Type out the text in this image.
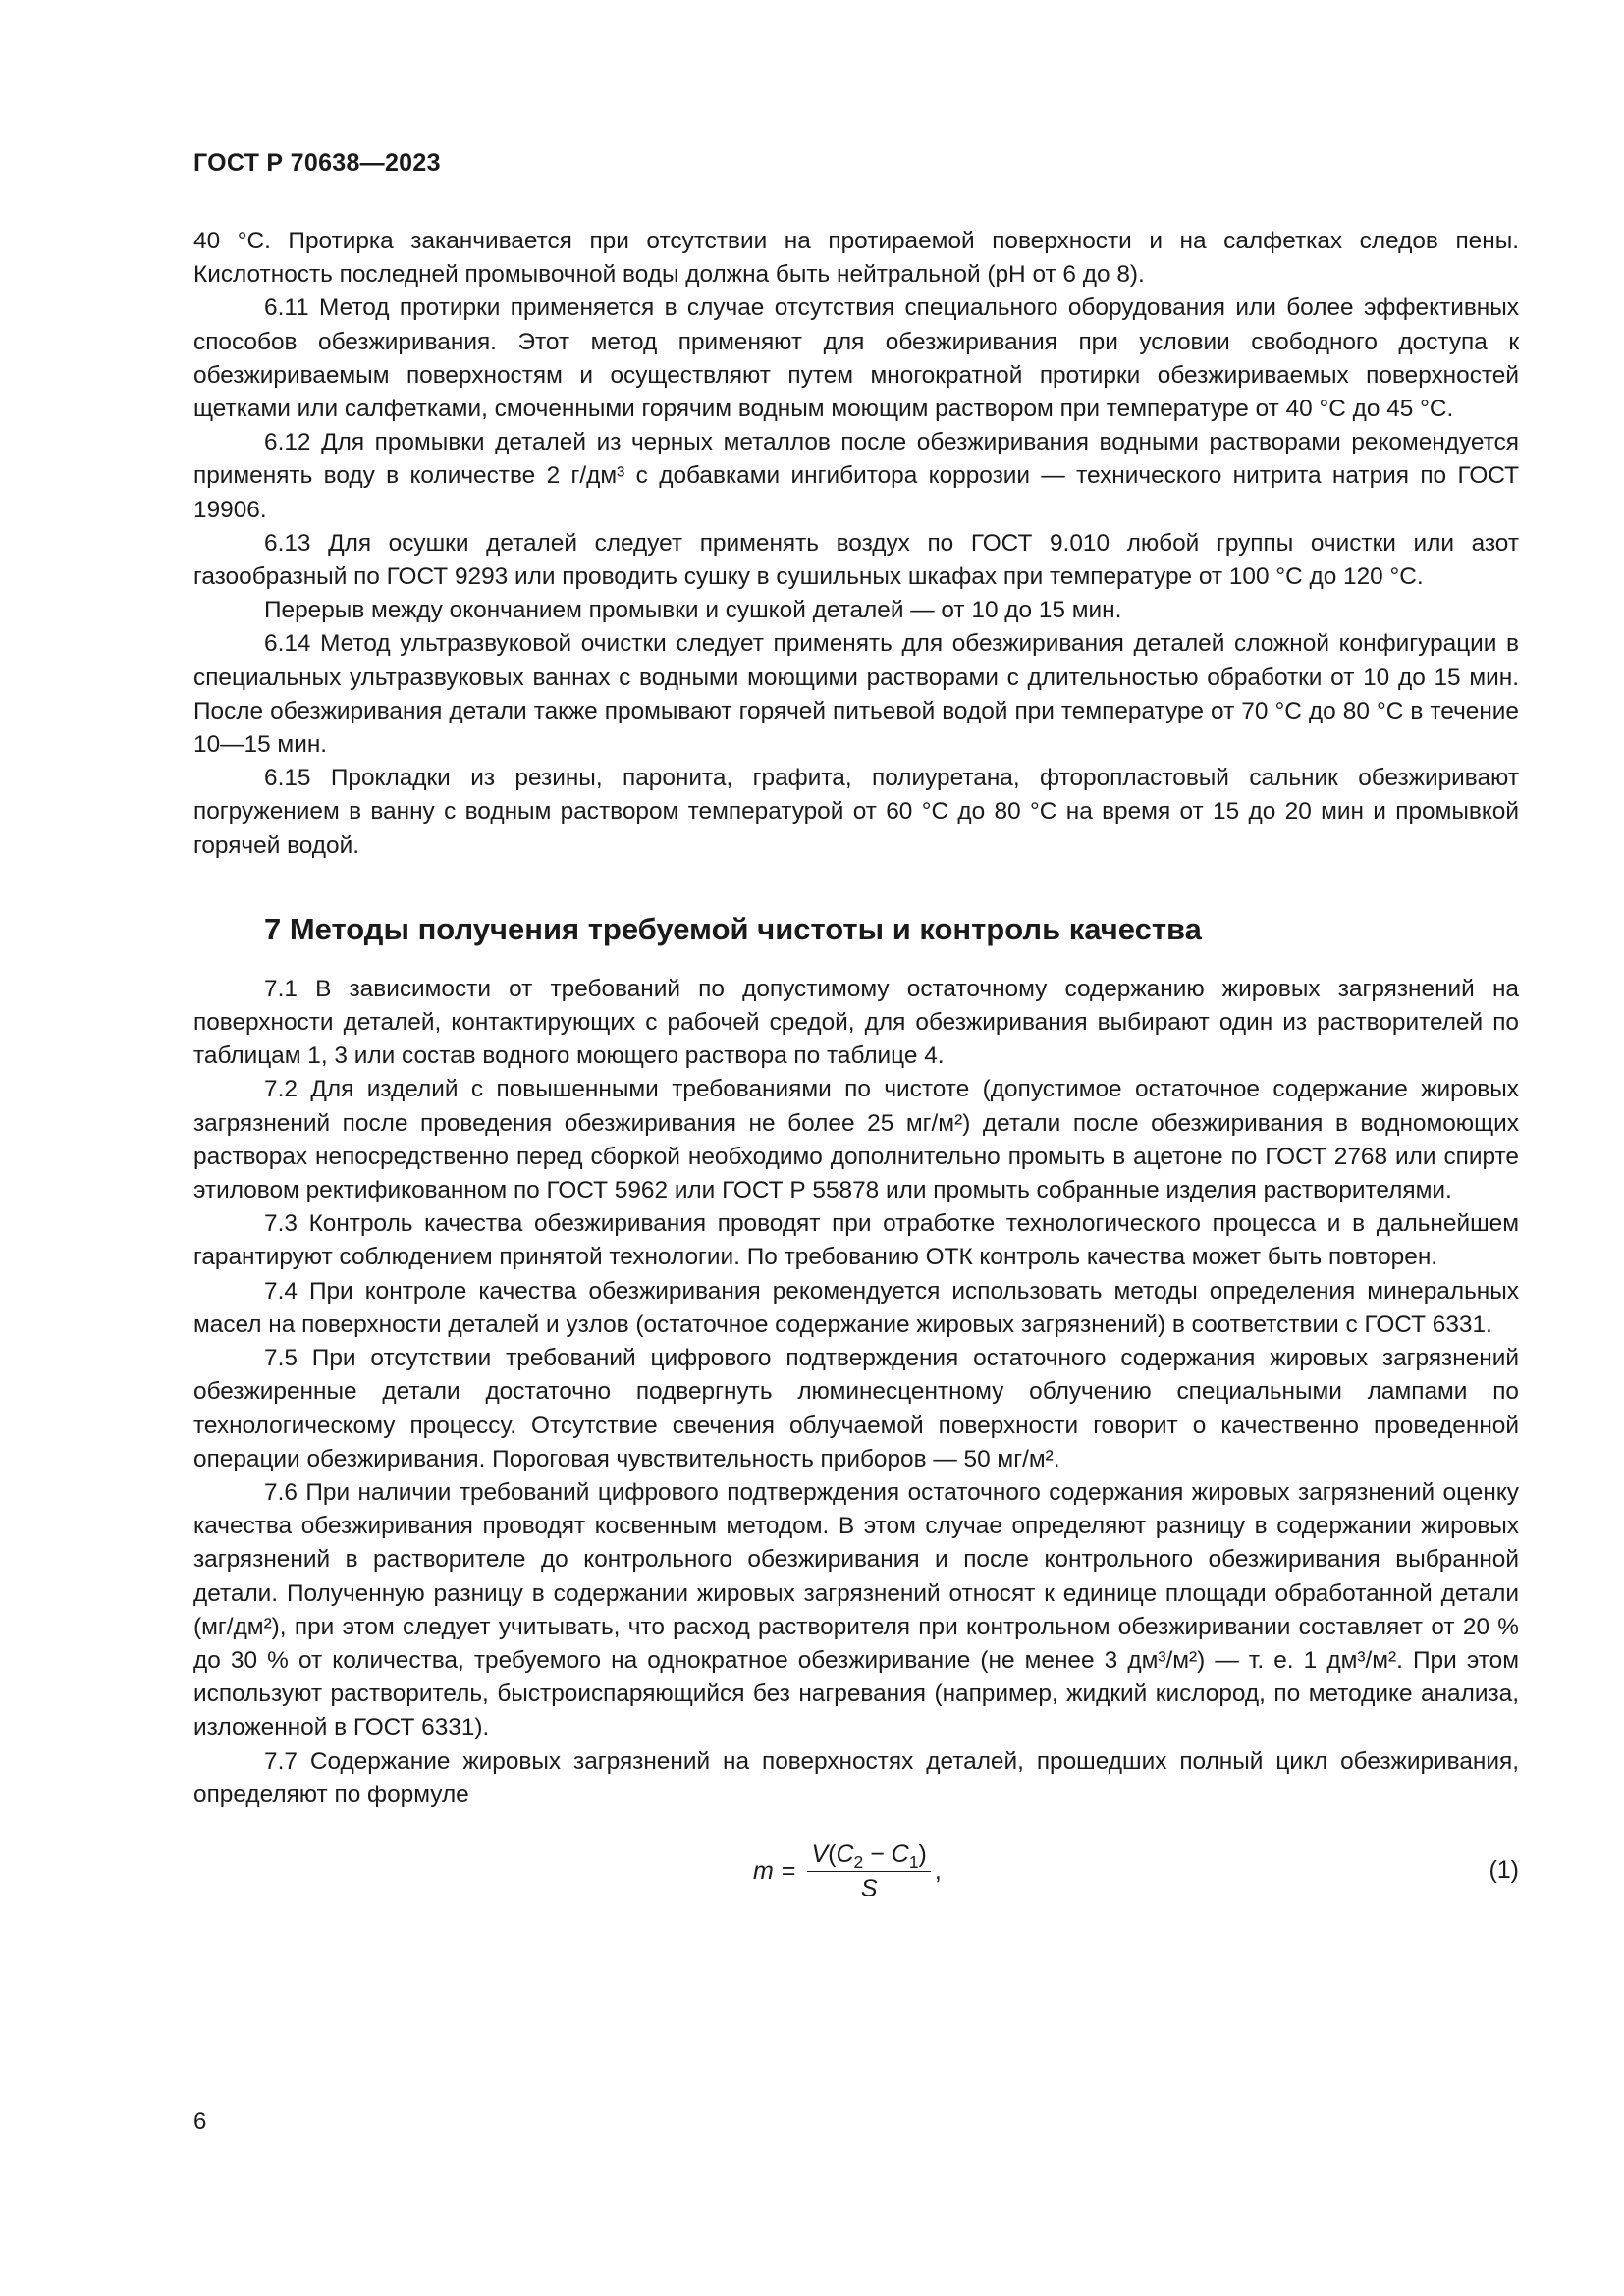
ГОСТ Р 70638—2023

40 °С. Протирка заканчивается при отсутствии на протираемой поверхности и на салфетках следов пены. Кислотность последней промывочной воды должна быть нейтральной (pH от 6 до 8).

6.11 Метод протирки применяется в случае отсутствия специального оборудования или более эффективных способов обезжиривания. Этот метод применяют для обезжиривания при условии свободного доступа к обезжириваемым поверхностям и осуществляют путем многократной протирки обезжириваемых поверхностей щетками или салфетками, смоченными горячим водным моющим раствором при температуре от 40 °С до 45 °С.

6.12 Для промывки деталей из черных металлов после обезжиривания водными растворами рекомендуется применять воду в количестве 2 г/дм³ с добавками ингибитора коррозии — технического нитрита натрия по ГОСТ 19906.

6.13 Для осушки деталей следует применять воздух по ГОСТ 9.010 любой группы очистки или азот газообразный по ГОСТ 9293 или проводить сушку в сушильных шкафах при температуре от 100 °С до 120 °С.

Перерыв между окончанием промывки и сушкой деталей — от 10 до 15 мин.

6.14 Метод ультразвуковой очистки следует применять для обезжиривания деталей сложной конфигурации в специальных ультразвуковых ваннах с водными моющими растворами с длительностью обработки от 10 до 15 мин. После обезжиривания детали также промывают горячей питьевой водой при температуре от 70 °С до 80 °С в течение 10—15 мин.

6.15 Прокладки из резины, паронита, графита, полиуретана, фторопластовый сальник обезжиривают погружением в ванну с водным раствором температурой от 60 °С до 80 °С на время от 15 до 20 мин и промывкой горячей водой.

7 Методы получения требуемой чистоты и контроль качества

7.1 В зависимости от требований по допустимому остаточному содержанию жировых загрязнений на поверхности деталей, контактирующих с рабочей средой, для обезжиривания выбирают один из растворителей по таблицам 1, 3 или состав водного моющего раствора по таблице 4.

7.2 Для изделий с повышенными требованиями по чистоте (допустимое остаточное содержание жировых загрязнений после проведения обезжиривания не более 25 мг/м²) детали после обезжиривания в водномоющих растворах непосредственно перед сборкой необходимо дополнительно промыть в ацетоне по ГОСТ 2768 или спирте этиловом ректификованном по ГОСТ 5962 или ГОСТ Р 55878 или промыть собранные изделия растворителями.

7.3 Контроль качества обезжиривания проводят при отработке технологического процесса и в дальнейшем гарантируют соблюдением принятой технологии. По требованию ОТК контроль качества может быть повторен.

7.4 При контроле качества обезжиривания рекомендуется использовать методы определения минеральных масел на поверхности деталей и узлов (остаточное содержание жировых загрязнений) в соответствии с ГОСТ 6331.

7.5 При отсутствии требований цифрового подтверждения остаточного содержания жировых загрязнений обезжиренные детали достаточно подвергнуть люминесцентному облучению специальными лампами по технологическому процессу. Отсутствие свечения облучаемой поверхности говорит о качественно проведенной операции обезжиривания. Пороговая чувствительность приборов — 50 мг/м².

7.6 При наличии требований цифрового подтверждения остаточного содержания жировых загрязнений оценку качества обезжиривания проводят косвенным методом. В этом случае определяют разницу в содержании жировых загрязнений в растворителе до контрольного обезжиривания и после контрольного обезжиривания выбранной детали. Полученную разницу в содержании жировых загрязнений относят к единице площади обработанной детали (мг/дм²), при этом следует учитывать, что расход растворителя при контрольном обезжиривании составляет от 20 % до 30 % от количества, требуемого на однократное обезжиривание (не менее 3 дм³/м²) — т. е. 1 дм³/м². При этом используют растворитель, быстроиспаряющийся без нагревания (например, жидкий кислород, по методике анализа, изложенной в ГОСТ 6331).

7.7 Содержание жировых загрязнений на поверхностях деталей, прошедших полный цикл обезжиривания, определяют по формуле

$m = \frac{V(C_2 - C_1)}{S}$ ,	(1)
6
